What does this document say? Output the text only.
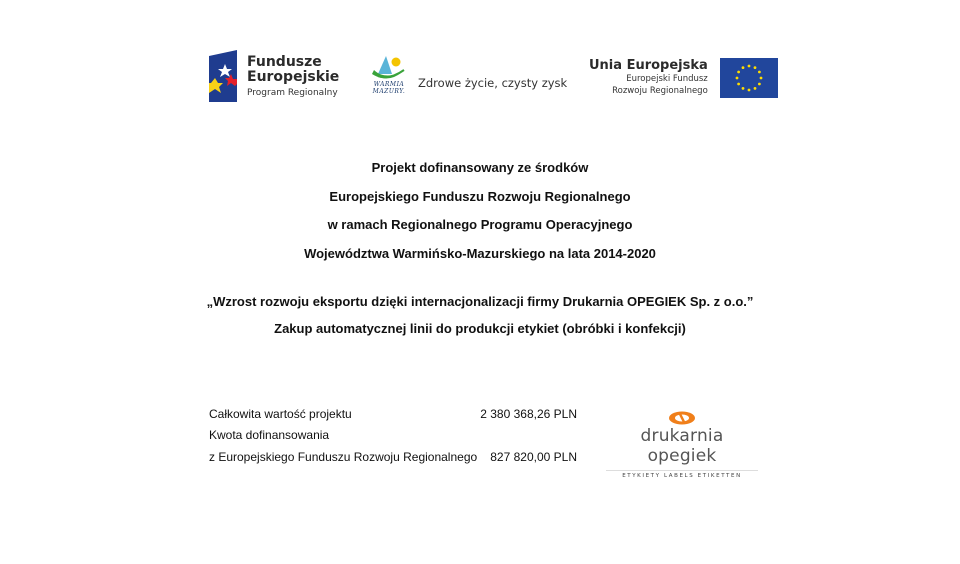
Fundusze
Europejskie
Program Regionalny
WARMIA
MAZURY.
Zdrowe życie, czysty zysk
Unia Europejska
Europejski Fundusz
Rozwoju Regionalnego
Projekt dofinansowany ze środków
Europejskiego Funduszu Rozwoju Regionalnego
w ramach Regionalnego Programu Operacyjnego
Województwa Warmińsko-Mazurskiego na lata 2014-2020
„Wzrost rozwoju eksportu dzięki internacjonalizacji firmy Drukarnia OPEGIEK Sp. z o.o.”
Zakup automatycznej linii do produkcji etykiet (obróbki i konfekcji)
Całkowita wartość projektu	2 380 368,26 PLN
Kwota dofinansowania
z Europejskiego Funduszu Rozwoju Regionalnego 827 820,00 PLN
drukarnia opegiek
ETYKIETY LABELS ETIKETTEN
